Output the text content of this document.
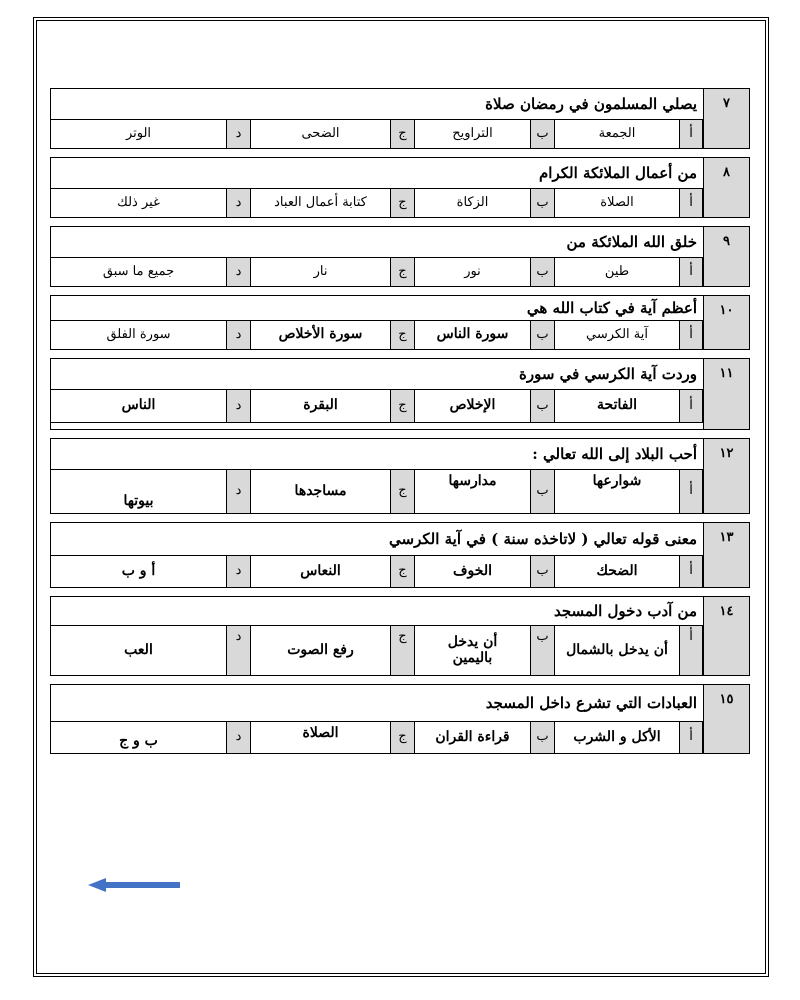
٧
يصلي المسلمون في رمضان صلاة
أ
الجمعة
ب
التراويح
ج
الضحى
د
الوتر
٨
من أعمال الملائكة الكرام
أ
الصلاة
ب
الزكاة
ج
كتابة أعمال العباد
د
غير ذلك
٩
خلق الله الملائكة من
أ
طين
ب
نور
ج
نار
د
جميع ما سبق
١٠
أعظم آية في كتاب الله هي
أ
آية الكرسي
ب
سورة الناس
ج
سورة الأخلاص
د
سورة الفلق
١١
وردت آية الكرسي في سورة
أ
الفاتحة
ب
الإخلاص
ج
البقرة
د
الناس
١٢
أحب البلاد إلى الله تعالي :
أ
شوارعها
ب
مدارسها
ج
مساجدها
د
بيوتها
١٣
معنى قوله تعالي ( لاتاخذه سنة ) في آية الكرسي
أ
الضحك
ب
الخوف
ج
النعاس
د
أ و ب
١٤
من آدب دخول المسجد
أ
أن يدخل بالشمال
ب
أن يدخل باليمين
ج
رفع الصوت
د
العب
١٥
العبادات التي تشرع داخل المسجد
أ
الأكل و الشرب
ب
قراءة القران
ج
الصلاة
د
ب و ج
